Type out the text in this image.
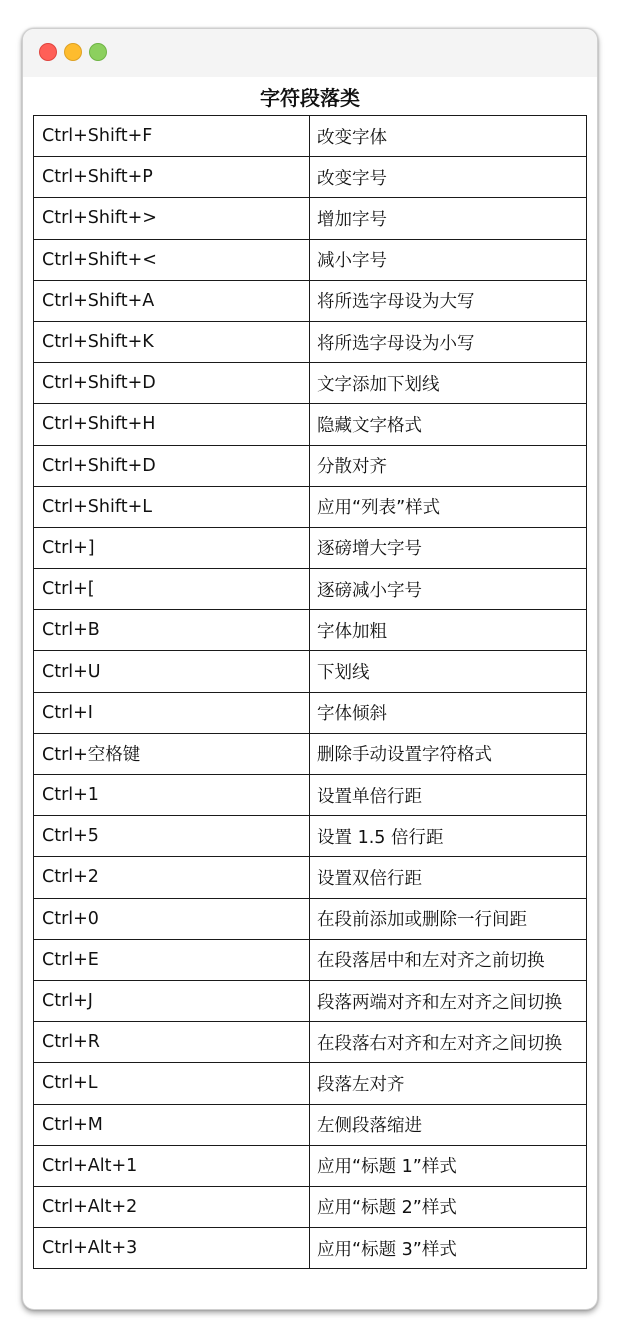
字符段落类
Ctrl+Shift+F	改变字体
Ctrl+Shift+P	改变字号
Ctrl+Shift+>	增加字号
Ctrl+Shift+<	减小字号
Ctrl+Shift+A	将所选字母设为大写
Ctrl+Shift+K	将所选字母设为小写
Ctrl+Shift+D	文字添加下划线
Ctrl+Shift+H	隐藏文字格式
Ctrl+Shift+D	分散对齐
Ctrl+Shift+L	应用“列表”样式
Ctrl+]	逐磅增大字号
Ctrl+[	逐磅减小字号
Ctrl+B	字体加粗
Ctrl+U	下划线
Ctrl+I	字体倾斜
Ctrl+空格键	删除手动设置字符格式
Ctrl+1	设置单倍行距
Ctrl+5	设置 1.5 倍行距
Ctrl+2	设置双倍行距
Ctrl+0	在段前添加或删除一行间距
Ctrl+E	在段落居中和左对齐之前切换
Ctrl+J	段落两端对齐和左对齐之间切换
Ctrl+R	在段落右对齐和左对齐之间切换
Ctrl+L	段落左对齐
Ctrl+M	左侧段落缩进
Ctrl+Alt+1	应用“标题 1”样式
Ctrl+Alt+2	应用“标题 2”样式
Ctrl+Alt+3	应用“标题 3”样式
